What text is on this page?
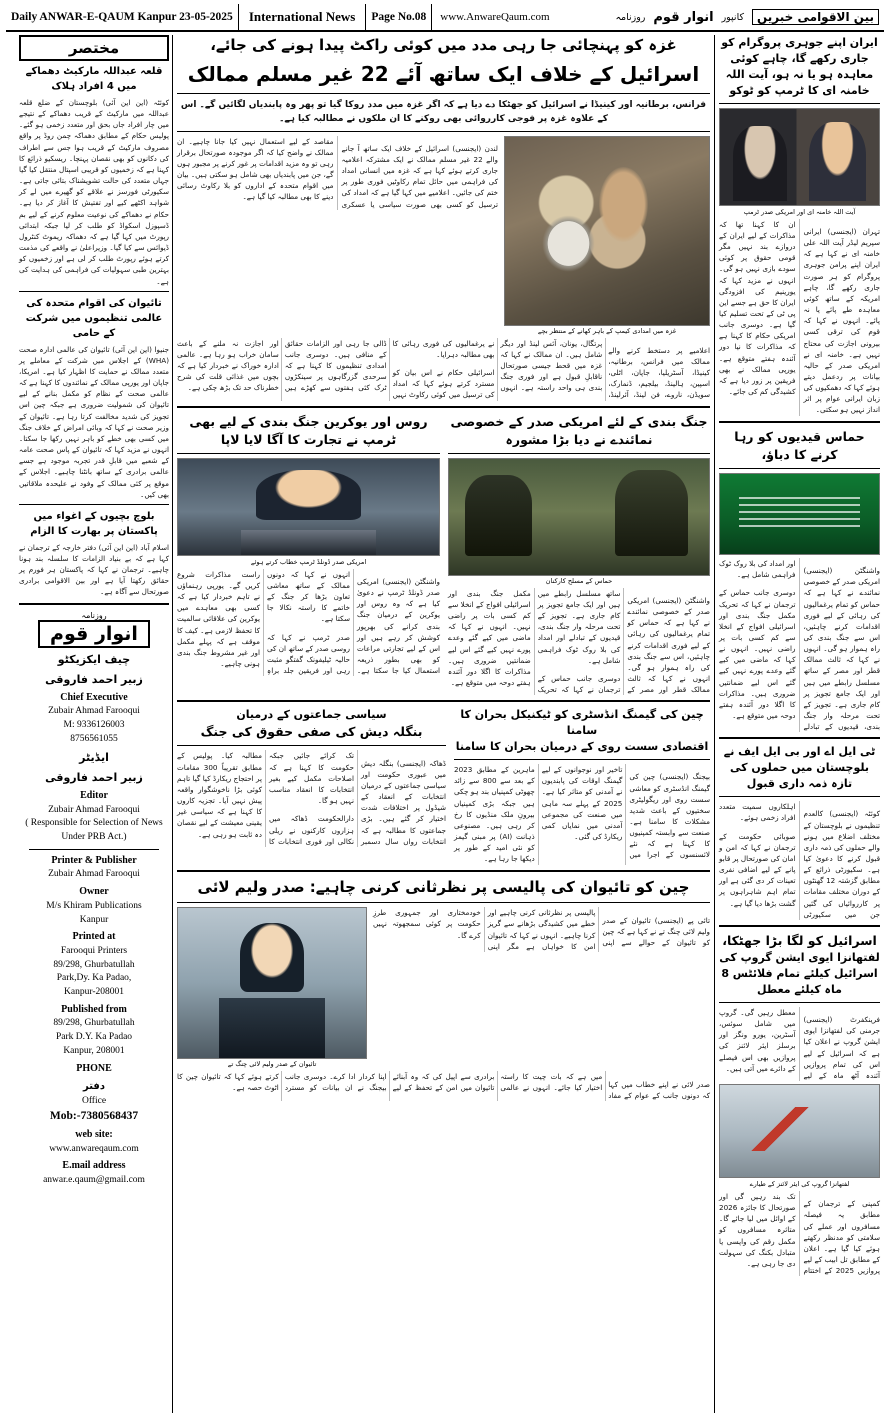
Daily ANWAR-E-QAUM Kanpur 23-05-2025	International News	Page No.08	www.AnwareQaum.com	بین الاقوامی خبریں
کانپور
انوار قوم
روزنامہ
ایران اپنے جوہری پروگرام کو جاری رکھے گا، چاہے کوئی معاہدہ ہو یا نہ ہو، آیت اللہ خامنہ ای کا ٹرمپ کو ٹوکو
آیت اللہ خامنہ ای اور امریکی صدر ٹرمپ

تہران (ایجنسی) ایرانی سپریم لیڈر آیت اللہ علی خامنہ ای نے کہا ہے کہ ایران اپنے پرامن جوہری پروگرام کو ہر صورت جاری رکھے گا، چاہے امریکہ کے ساتھ کوئی معاہدہ طے پائے یا نہ پائے۔ انہوں نے کہا کہ قوم کی ترقی کسی بیرونی اجازت کی محتاج نہیں ہے۔ خامنہ ای نے امریکی صدر کے حالیہ بیانات پر ردعمل دیتے ہوئے کہا کہ دھمکیوں کی زبان ایرانی عوام پر اثر انداز نہیں ہو سکتی۔

ان کا کہنا تھا کہ مذاکرات کے لیے ایران کے دروازے بند نہیں مگر قومی حقوق پر کوئی سودے بازی نہیں ہو گی۔ انہوں نے مزید کہا کہ یورینیم کی افزودگی ایران کا حق ہے جسے این پی ٹی کے تحت تسلیم کیا گیا ہے۔ دوسری جانب امریکی حکام کا کہنا ہے کہ مذاکرات کا نیا دور آئندہ ہفتے متوقع ہے۔ یورپی ممالک نے بھی فریقین پر زور دیا ہے کہ کشیدگی کم کی جائے۔

حماس قیدیوں کو رہا کرنے کا دباؤ،

واشنگٹن (ایجنسی) امریکی صدر کے خصوصی نمائندے نے کہا ہے کہ حماس کو تمام یرغمالیوں کی رہائی کے لیے فوری اقدامات کرنے چاہئیں، اس سے جنگ بندی کی راہ ہموار ہو گی۔ انہوں نے کہا کہ ثالث ممالک قطر اور مصر کے ساتھ مسلسل رابطے میں ہیں اور ایک جامع تجویز پر کام جاری ہے۔ تجویز کے تحت مرحلہ وار جنگ بندی، قیدیوں کے تبادلے اور امداد کی بلا روک ٹوک فراہمی شامل ہے۔

دوسری جانب حماس کے ترجمان نے کہا کہ تحریک مکمل جنگ بندی اور اسرائیلی افواج کے انخلا سے کم کسی بات پر راضی نہیں۔ انہوں نے کہا کہ ماضی میں کیے گئے وعدے پورے نہیں کیے گئے اس لیے ضمانتیں ضروری ہیں۔ مذاکرات کا اگلا دور آئندہ ہفتے دوحہ میں متوقع ہے۔

ٹی ایل اے اور بی ایل ایف نے بلوچستان میں حملوں کی تازہ ذمہ داری قبول

کوئٹہ (ایجنسی) کالعدم تنظیموں نے بلوچستان کے مختلف اضلاع میں ہونے والے حملوں کی ذمہ داری قبول کرنے کا دعویٰ کیا ہے۔ سکیورٹی ذرائع کے مطابق گزشتہ 12 گھنٹوں کے دوران مختلف مقامات پر کارروائیاں کی گئیں جن میں سکیورٹی اہلکاروں سمیت متعدد افراد زخمی ہوئے۔

صوبائی حکومت کے ترجمان نے کہا کہ امن و امان کی صورتحال پر قابو پانے کے لیے اضافی نفری تعینات کر دی گئی ہے اور تمام اہم شاہراہوں پر گشت بڑھا دیا گیا ہے۔

اسرائیل کو لگا بڑا جھٹکا،
لفتھانزا ایوی ایشن گروپ کی اسرائیل کیلئے تمام فلائٹس 8 ماہ کیلئے معطل

فرینکفرٹ (ایجنسی) جرمنی کی لفتھانزا ایوی ایشن گروپ نے اعلان کیا ہے کہ اسرائیل کے لیے اس کی تمام پروازیں آئندہ آٹھ ماہ کے لیے معطل رہیں گی۔ گروپ میں شامل سوئس، آسٹرین، یورو ونگز اور برسلز ایئر لائنز کی پروازیں بھی اس فیصلے کے دائرے میں آتی ہیں۔

لفتھانزا گروپ کی ایئر لائنز کے طیارے

کمپنی کے ترجمان کے مطابق یہ فیصلہ مسافروں اور عملے کی سلامتی کو مدنظر رکھتے ہوئے کیا گیا ہے۔ اعلان کے مطابق تل ابیب کے لیے پروازیں 2025 کے اختتام تک بند رہیں گی اور صورتحال کا جائزہ 2026 کے اوائل میں لیا جائے گا۔ متاثرہ مسافروں کو مکمل رقم کی واپسی یا متبادل بکنگ کی سہولت دی جا رہی ہے۔

غزہ کو پہنچائی جا رہی مدد میں کوئی راکٹ پیدا ہونے کی جائے،
اسرائیل کے خلاف ایک ساتھ آئے 22 غیر مسلم ممالک
فرانس، برطانیہ اور کینیڈا نے اسرائیل کو جھٹکا دے دیا ہے کہ اگر غزہ میں مدد روکا گیا تو پھر وہ پابندیاں لگائیں گے۔ اس کے علاوہ غزہ پر فوجی کارروائی بھی روکنے کا ان ملکوں نے مطالبہ کیا ہے۔
غزہ میں امدادی کیمپ کے باہر کھانے کے منتظر بچے

لندن (ایجنسی) اسرائیل کے خلاف ایک ساتھ آ جانے والے 22 غیر مسلم ممالک نے ایک مشترکہ اعلامیہ جاری کرتے ہوئے کہا ہے کہ غزہ میں انسانی امداد کی فراہمی میں حائل تمام رکاوٹیں فوری طور پر ختم کی جائیں۔ اعلامیے میں کہا گیا ہے کہ امداد کی ترسیل کو کسی بھی صورت سیاسی یا عسکری مقاصد کے لیے استعمال نہیں کیا جانا چاہیے۔ ان ممالک نے واضح کیا کہ اگر موجودہ صورتحال برقرار رہی تو وہ مزید اقدامات پر غور کرنے پر مجبور ہوں گے، جن میں پابندیاں بھی شامل ہو سکتی ہیں۔ بیان میں اقوام متحدہ کے اداروں کو بلا رکاوٹ رسائی دینے کا بھی مطالبہ کیا گیا ہے۔

اعلامیے پر دستخط کرنے والے ممالک میں فرانس، برطانیہ، کینیڈا، آسٹریلیا، جاپان، اٹلی، اسپین، ہالینڈ، بیلجیم، ڈنمارک، سویڈن، ناروے، فن لینڈ، آئرلینڈ، پرتگال، یونان، آئس لینڈ اور دیگر شامل ہیں۔ ان ممالک نے کہا کہ غزہ میں قحط جیسی صورتحال ناقابلِ قبول ہے اور فوری جنگ بندی ہی واحد راستہ ہے۔ انہوں نے یرغمالیوں کی فوری رہائی کا بھی مطالبہ دہرایا۔

اسرائیلی حکام نے اس بیان کو مسترد کرتے ہوئے کہا کہ امداد کی ترسیل میں کوئی رکاوٹ نہیں ڈالی جا رہی اور الزامات حقائق کے منافی ہیں۔ دوسری جانب امدادی تنظیموں کا کہنا ہے کہ سرحدی گزرگاہوں پر سینکڑوں ٹرک کئی ہفتوں سے کھڑے ہیں اور اجازت نہ ملنے کے باعث سامان خراب ہو رہا ہے۔ عالمی ادارہ خوراک نے خبردار کیا ہے کہ بچوں میں غذائی قلت کی شرح خطرناک حد تک بڑھ چکی ہے۔

جنگ بندی کے لئے امریکی صدر کے خصوصی نمائندے نے دیا بڑا مشورہ
حماس کے مسلح کارکنان

واشنگٹن (ایجنسی) امریکی صدر کے خصوصی نمائندے نے کہا ہے کہ حماس کو تمام یرغمالیوں کی رہائی کے لیے فوری اقدامات کرنے چاہئیں، اس سے جنگ بندی کی راہ ہموار ہو گی۔ انہوں نے کہا کہ ثالث ممالک قطر اور مصر کے ساتھ مسلسل رابطے میں ہیں اور ایک جامع تجویز پر کام جاری ہے۔ تجویز کے تحت مرحلہ وار جنگ بندی، قیدیوں کے تبادلے اور امداد کی بلا روک ٹوک فراہمی شامل ہے۔

دوسری جانب حماس کے ترجمان نے کہا کہ تحریک مکمل جنگ بندی اور اسرائیلی افواج کے انخلا سے کم کسی بات پر راضی نہیں۔ انہوں نے کہا کہ ماضی میں کیے گئے وعدے پورے نہیں کیے گئے اس لیے ضمانتیں ضروری ہیں۔ مذاکرات کا اگلا دور آئندہ ہفتے دوحہ میں متوقع ہے۔

روس اور یوکرین جنگ بندی کے لیے بھی ٹرمپ نے تجارت کا آگا لایا لاپا
امریکی صدر ڈونلڈ ٹرمپ خطاب کرتے ہوئے

واشنگٹن (ایجنسی) امریکی صدر ڈونلڈ ٹرمپ نے دعویٰ کیا ہے کہ وہ روس اور یوکرین کے درمیان جنگ بندی کرانے کی بھرپور کوشش کر رہے ہیں اور اس کے لیے تجارتی مراعات کو بھی بطور ذریعہ استعمال کیا جا سکتا ہے۔ انہوں نے کہا کہ دونوں ممالک کے ساتھ معاشی تعاون بڑھا کر جنگ کے خاتمے کا راستہ نکالا جا سکتا ہے۔

صدر ٹرمپ نے کہا کہ روسی صدر کے ساتھ ان کی حالیہ ٹیلیفونک گفتگو مثبت رہی اور فریقین جلد براہِ راست مذاکرات شروع کریں گے۔ یورپی رہنماؤں نے تاہم خبردار کیا ہے کہ کسی بھی معاہدے میں یوکرین کی علاقائی سالمیت کا تحفظ لازمی ہے۔ کیف کا موقف ہے کہ پہلے مکمل اور غیر مشروط جنگ بندی ہونی چاہیے۔

چین کی گیمنگ انڈسٹری کو ٹیکنیکل بحران کا سامنا
اقتصادی سست روی کے درمیان بحران کا سامنا

بیجنگ (ایجنسی) چین کی گیمنگ انڈسٹری کو معاشی سست روی اور ریگولیٹری سختیوں کے باعث شدید مشکلات کا سامنا ہے۔ صنعت سے وابستہ کمپنیوں کا کہنا ہے کہ نئے لائسنسوں کے اجرا میں تاخیر اور نوجوانوں کے لیے گیمنگ اوقات کی پابندیوں نے آمدنی کو متاثر کیا ہے۔ 2025 کے پہلے سہ ماہی میں صنعت کی مجموعی آمدنی میں نمایاں کمی ریکارڈ کی گئی۔

ماہرین کے مطابق 2023 کے بعد سے 800 سے زائد چھوٹی کمپنیاں بند ہو چکی ہیں جبکہ بڑی کمپنیاں بیرونِ ملک منڈیوں کا رخ کر رہی ہیں۔ مصنوعی ذہانت (AI) پر مبنی گیمز کو نئی امید کے طور پر دیکھا جا رہا ہے۔

سیاسی جماعتوں کے درمیان
بنگلہ دیش کی صفی حقوق کی جنگ

ڈھاکہ (ایجنسی) بنگلہ دیش میں عبوری حکومت اور سیاسی جماعتوں کے درمیان انتخابات کے انعقاد کے شیڈول پر اختلافات شدت اختیار کر گئے ہیں۔ بڑی جماعتوں کا مطالبہ ہے کہ انتخابات رواں سال دسمبر تک کرائے جائیں جبکہ حکومت کا کہنا ہے کہ اصلاحات مکمل کیے بغیر انتخابات کا انعقاد مناسب نہیں ہو گا۔

دارالحکومت ڈھاکہ میں ہزاروں کارکنوں نے ریلی نکالی اور فوری انتخابات کا مطالبہ کیا۔ پولیس کے مطابق تقریباً 300 مقامات پر احتجاج ریکارڈ کیا گیا تاہم کوئی بڑا ناخوشگوار واقعہ پیش نہیں آیا۔ تجزیہ کاروں کا کہنا ہے کہ سیاسی غیر یقینی معیشت کے لیے نقصان دہ ثابت ہو رہی ہے۔

چین کو تائیوان کی پالیسی پر نظرثانی کرنی چاہیے: صدر ولیم لائی

تائی پے (ایجنسی) تائیوان کے صدر ولیم لائی چنگ تے نے کہا ہے کہ چین کو تائیوان کے حوالے سے اپنی پالیسی پر نظرثانی کرنی چاہیے اور خطے میں کشیدگی بڑھانے سے گریز کرنا چاہیے۔ انہوں نے کہا کہ تائیوان امن کا خواہاں ہے مگر اپنی خودمختاری اور جمہوری طرزِ حکومت پر کوئی سمجھوتہ نہیں کرے گا۔

تائیوان کے صدر ولیم لائی چنگ تے

صدر لائی نے اپنے خطاب میں کہا کہ دونوں جانب کے عوام کے مفاد میں ہے کہ بات چیت کا راستہ اختیار کیا جائے۔ انہوں نے عالمی برادری سے اپیل کی کہ وہ آبنائے تائیوان میں امن کے تحفظ کے لیے اپنا کردار ادا کرے۔ دوسری جانب بیجنگ نے ان بیانات کو مسترد کرتے ہوئے کہا کہ تائیوان چین کا اٹوٹ حصہ ہے۔

مختصر
قلعہ عبداللہ مارکیٹ دھماکے میں 4 افراد ہلاک
کوئٹہ (این این آئی) بلوچستان کے ضلع قلعہ عبداللہ میں مارکیٹ کے قریب دھماکے کے نتیجے میں چار افراد جاں بحق اور متعدد زخمی ہو گئے۔ پولیس حکام کے مطابق دھماکہ چمن روڈ پر واقع مصروف مارکیٹ کے قریب ہوا جس سے اطراف کی دکانوں کو بھی نقصان پہنچا۔ ریسکیو ذرائع کا کہنا ہے کہ زخمیوں کو قریبی اسپتال منتقل کیا گیا جہاں متعدد کی حالت تشویشناک بتائی جاتی ہے۔ سکیورٹی فورسز نے علاقے کو گھیرے میں لے کر شواہد اکٹھے کیے اور تفتیش کا آغاز کر دیا ہے۔ حکام نے دھماکے کی نوعیت معلوم کرنے کے لیے بم ڈسپوزل اسکواڈ کو طلب کر لیا جبکہ ابتدائی رپورٹ میں کہا گیا ہے کہ دھماکہ ریموٹ کنٹرول ڈیوائس سے کیا گیا۔ وزیراعلیٰ نے واقعے کی مذمت کرتے ہوئے رپورٹ طلب کر لی ہے اور زخمیوں کو بہترین طبی سہولیات کی فراہمی کی ہدایت کی ہے۔
تائیوان کی اقوام متحدہ کی عالمی تنظیموں میں شرکت کے حامی
جنیوا (این این آئی) تائیوان کی عالمی ادارہ صحت (WHA) کے اجلاس میں شرکت کے معاملے پر متعدد ممالک نے حمایت کا اظہار کیا ہے۔ امریکا، جاپان اور یورپی ممالک کے نمائندوں کا کہنا ہے کہ عالمی صحت کے نظام کو مکمل بنانے کے لیے تائیوان کی شمولیت ضروری ہے جبکہ چین اس تجویز کی شدید مخالفت کرتا رہا ہے۔ تائیوان کے وزیر صحت نے کہا کہ وبائی امراض کے خلاف جنگ میں کسی بھی خطے کو باہر نہیں رکھا جا سکتا۔ انہوں نے مزید کہا کہ تائیوان کے پاس صحت عامہ کے شعبے میں قابلِ قدر تجربہ موجود ہے جسے عالمی برادری کے ساتھ بانٹنا چاہیے۔ اجلاس کے موقع پر کئی ممالک کے وفود نے علیحدہ ملاقاتیں بھی کیں۔
بلوچ بچیوں کے اغواء میں پاکستان پر بھارت کا الزام
اسلام آباد (این این آئی) دفتر خارجہ کے ترجمان نے کہا ہے کہ بے بنیاد الزامات کا سلسلہ بند ہونا چاہیے۔ ترجمان نے کہا کہ پاکستان ہر فورم پر حقائق رکھتا آیا ہے اور بین الاقوامی برادری صورتحال سے آگاہ ہے۔
روزنامہ
انوار قوم
چیف ایکزیکٹو
زبیر احمد فاروقی
Chief Executive
Zubair Ahmad Farooqui
M: 9336126003
8756561055
ایڈیٹر
زبیر احمد فاروقی
Editor
Zubair Ahmad Farooqui
( Responsible for Selection of News Under PRB Act.)
Printer & Publisher
Zubair Ahmad Farooqui
Owner
M/s Khiram Publications
Kanpur
Printed at
Farooqui Printers
89/298, Ghurbatullah
Park,Dy. Ka Padao,
Kanpur-208001
Published from
89/298, Ghurbatullah
Park D.Y. Ka Padao
Kanpur, 208001
PHONE
دفتر
Office
Mob:-7380568437
web site:
www.anwareqaum.com
E.mail address
anwar.e.qaum@gmail.com
